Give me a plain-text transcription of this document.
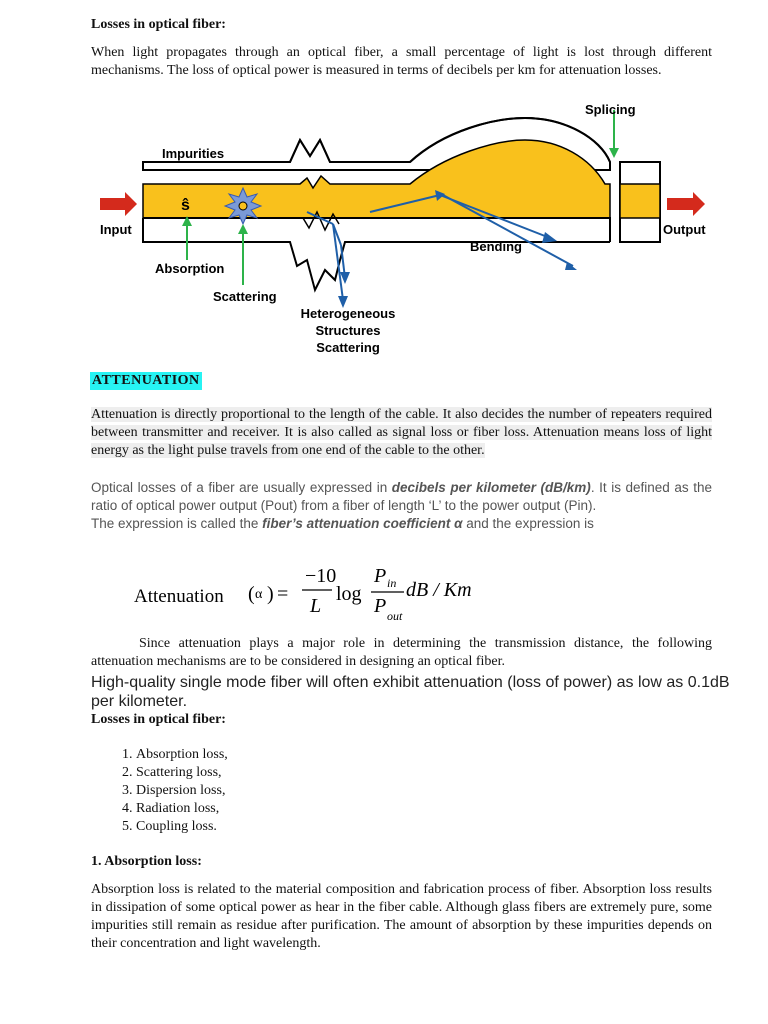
Losses in optical fiber:
When light propagates through an optical fiber, a small percentage of light is lost through different mechanisms. The loss of optical power is measured in terms of decibels per km for attenuation losses.
ŝ
Splicing
Impurities
Input	Output
Absorption
Scattering
Bending
Heterogeneous
Structures
Scattering
ATTENUATION
Attenuation is directly proportional to the length of the cable. It also decides the number of repeaters required between transmitter and receiver. It is also called as signal loss or fiber loss. Attenuation means loss of light energy as the light pulse travels from one end of the cable to the other.
Optical losses of a fiber are usually expressed in decibels per kilometer (dB/km). It is defined as the ratio of optical power output (Pout) from a fiber of length ‘L’ to the power output (Pin).
The expression is called the fiber’s attenuation coefficient α and the expression is
Attenuation ( α ) =
−10
L
log
P in
P out
dB / Km
Since attenuation plays a major role in determining the transmission distance, the following attenuation mechanisms are to be considered in designing an optical fiber.
High-quality single mode fiber will often exhibit attenuation (loss of power) as low as 0.1dB per kilometer.
Losses in optical fiber:
1. Absorption loss,
2. Scattering loss,
3. Dispersion loss,
4. Radiation loss,
5. Coupling loss.
1. Absorption loss:
Absorption loss is related to the material composition and fabrication process of fiber. Absorption loss results in dissipation of some optical power as hear in the fiber cable. Although glass fibers are extremely pure, some impurities still remain as residue after purification. The amount of absorption by these impurities depends on their concentration and light wavelength.
